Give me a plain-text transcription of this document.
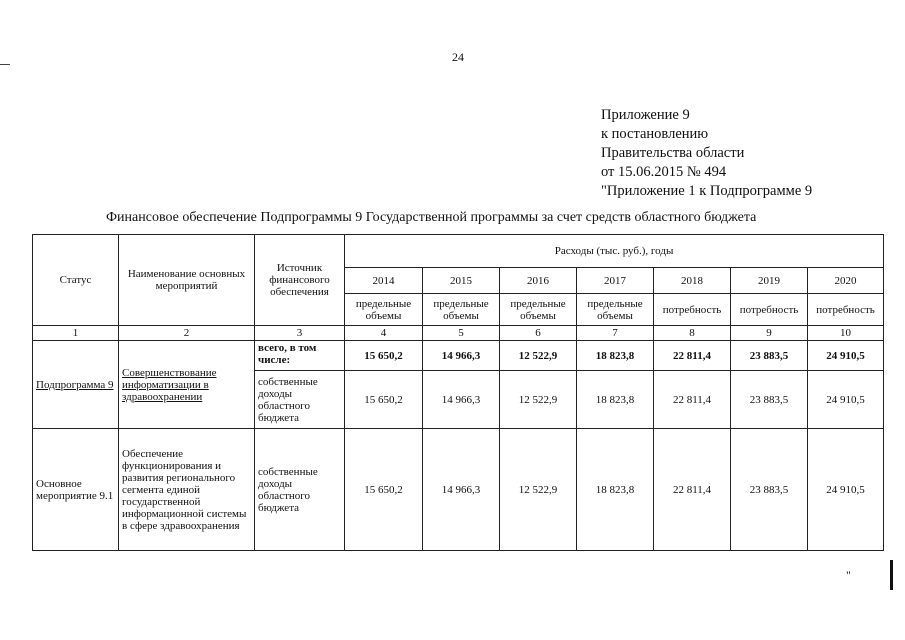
24
Приложение 9
к постановлению
Правительства области
от 15.06.2015 № 494
"Приложение 1 к Подпрограмме 9
Финансовое обеспечение Подпрограммы 9 Государственной программы за счет средств областного бюджета
Статус	Наименование основных мероприятий	Источник финансового обеспечения	Расходы (тыс. руб.), годы						
			2014	2015	2016	2017	2018	2019	2020
			предельные объемы	предельные объемы	предельные объемы	предельные объемы	потребность	потребность	потребность
1	2	3	4	5	6	7	8	9	10
Подпрограмма 9	Совершенствование информатизации в здравоохранении	всего, в том числе:	15 650,2	14 966,3	12 522,9	18 823,8	22 811,4	23 883,5	24 910,5
		собственные доходы областного бюджета	15 650,2	14 966,3	12 522,9	18 823,8	22 811,4	23 883,5	24 910,5
Основное мероприятие 9.1	Обеспечение функционирования и развития регионального сегмента единой государственной информационной системы в сфере здравоохранения	собственные доходы областного бюджета	15 650,2	14 966,3	12 522,9	18 823,8	22 811,4	23 883,5	24 910,5
"
